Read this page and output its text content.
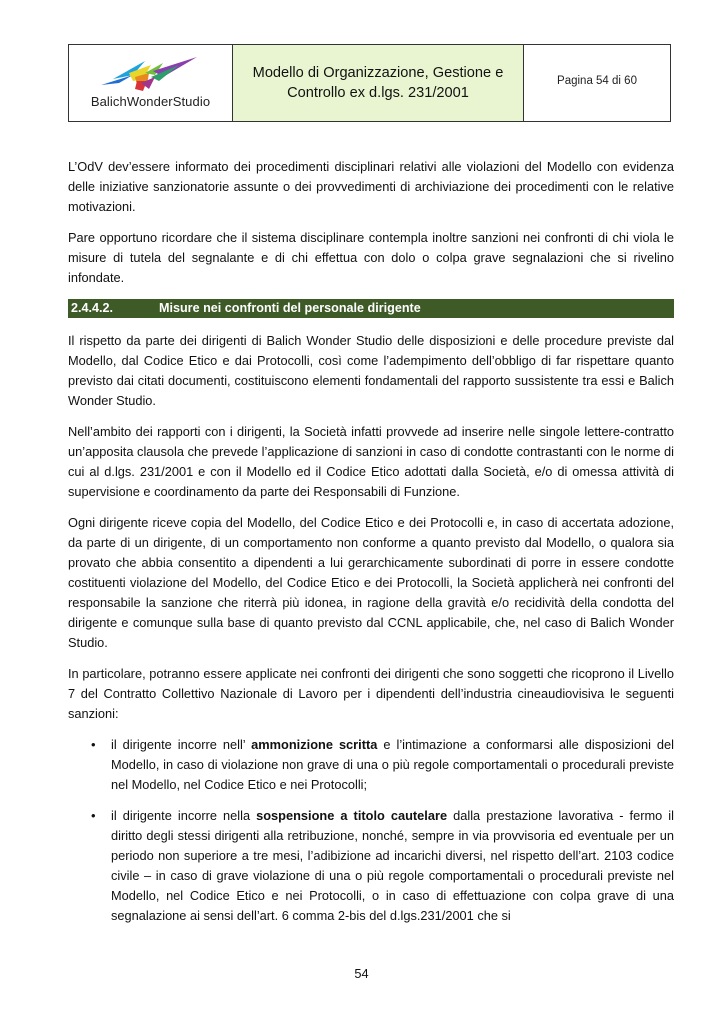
BalichWonderStudio
Modello di Organizzazione, Gestione e
Controllo ex d.lgs. 231/2001
Pagina 54 di 60

L’OdV dev’essere informato dei procedimenti disciplinari relativi alle violazioni del Modello con evidenza delle iniziative sanzionatorie assunte o dei provvedimenti di archiviazione dei procedimenti con le relative motivazioni.

Pare opportuno ricordare che il sistema disciplinare contempla inoltre sanzioni nei confronti di chi viola le misure di tutela del segnalante e di chi effettua con dolo o colpa grave segnalazioni che si rivelino infondate.

2.4.4.2.	Misure nei confronti del personale dirigente

Il rispetto da parte dei dirigenti di Balich Wonder Studio delle disposizioni e delle procedure previste dal Modello, dal Codice Etico e dai Protocolli, così come l’adempimento dell’obbligo di far rispettare quanto previsto dai citati documenti, costituiscono elementi fondamentali del rapporto sussistente tra essi e Balich Wonder Studio.

Nell’ambito dei rapporti con i dirigenti, la Società infatti provvede ad inserire nelle singole lettere-contratto un’apposita clausola che prevede l’applicazione di sanzioni in caso di condotte contrastanti con le norme di cui al d.lgs. 231/2001 e con il Modello ed il Codice Etico adottati dalla Società, e/o di omessa attività di supervisione e coordinamento da parte dei Responsabili di Funzione.

Ogni dirigente riceve copia del Modello, del Codice Etico e dei Protocolli e, in caso di accertata adozione, da parte di un dirigente, di un comportamento non conforme a quanto previsto dal Modello, o qualora sia provato che abbia consentito a dipendenti a lui gerarchicamente subordinati di porre in essere condotte costituenti violazione del Modello, del Codice Etico e dei Protocolli, la Società applicherà nei confronti del responsabile la sanzione che riterrà più idonea, in ragione della gravità e/o recidività della condotta del dirigente e comunque sulla base di quanto previsto dal CCNL applicabile, che, nel caso di Balich Wonder Studio.

In particolare, potranno essere applicate nei confronti dei dirigenti che sono soggetti che ricoprono il Livello 7 del Contratto Collettivo Nazionale di Lavoro per i dipendenti dell’industria cineaudiovisiva le seguenti sanzioni:

• il dirigente incorre nell’ ammonizione scritta e l’intimazione a conformarsi alle disposizioni del Modello, in caso di violazione non grave di una o più regole comportamentali o procedurali previste nel Modello, nel Codice Etico e nei Protocolli;
• il dirigente incorre nella sospensione a titolo cautelare dalla prestazione lavorativa - fermo il diritto degli stessi dirigenti alla retribuzione, nonché, sempre in via provvisoria ed eventuale per un periodo non superiore a tre mesi, l’adibizione ad incarichi diversi, nel rispetto dell’art. 2103 codice civile – in caso di grave violazione di una o più regole comportamentali o procedurali previste nel Modello, nel Codice Etico e nei Protocolli, o in caso di effettuazione con colpa grave di una segnalazione ai sensi dell’art. 6 comma 2-bis del d.lgs.231/2001 che si
54
